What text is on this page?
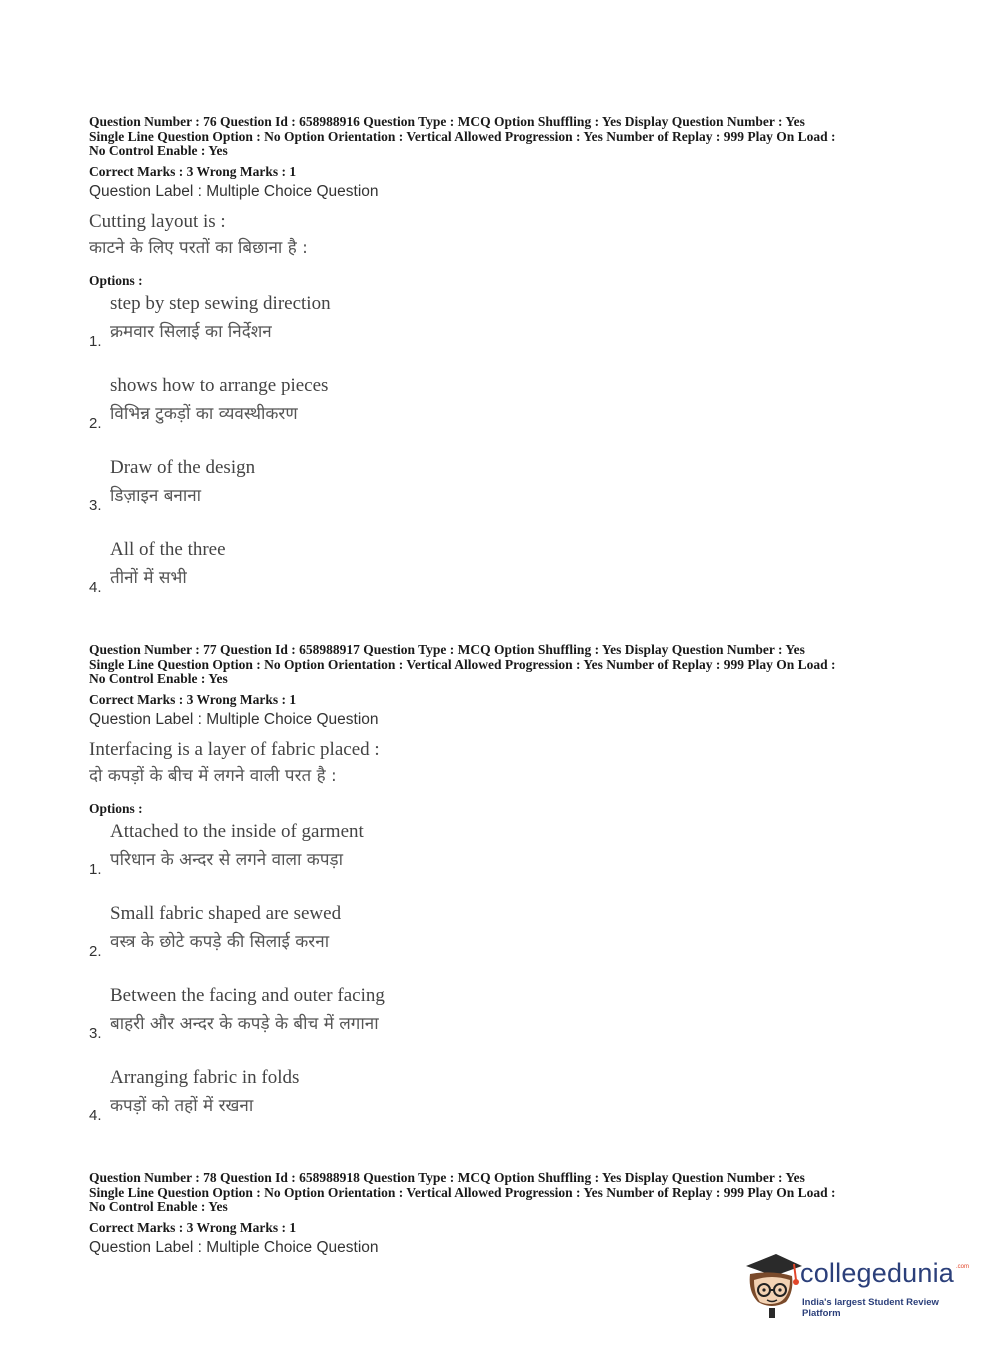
Question Number : 76 Question Id : 658988916 Question Type : MCQ Option Shuffling : Yes Display Question Number : Yes

Single Line Question Option : No Option Orientation : Vertical Allowed Progression : Yes Number of Replay : 999 Play On Load :

No Control Enable : Yes

Correct Marks : 3 Wrong Marks : 1
Question Label : Multiple Choice Question
Cutting layout is :
काटने के लिए परतों का बिछाना है :
Options :
1.
step by step sewing direction
क्रमवार सिलाई का निर्देशन
2.
shows how to arrange pieces
विभिन्न टुकड़ों का व्यवस्थीकरण
3.
Draw of the design
डिज़ाइन बनाना
4.
All of the three
तीनों में सभी

Question Number : 77 Question Id : 658988917 Question Type : MCQ Option Shuffling : Yes Display Question Number : Yes

Single Line Question Option : No Option Orientation : Vertical Allowed Progression : Yes Number of Replay : 999 Play On Load :

No Control Enable : Yes

Correct Marks : 3 Wrong Marks : 1
Question Label : Multiple Choice Question
Interfacing is a layer of fabric placed :
दो कपड़ों के बीच में लगने वाली परत है :
Options :
1.
Attached to the inside of garment
परिधान के अन्दर से लगने वाला कपड़ा
2.
Small fabric shaped are sewed
वस्त्र के छोटे कपड़े की सिलाई करना
3.
Between the facing and outer facing
बाहरी और अन्दर के कपड़े के बीच में लगाना
4.
Arranging fabric in folds
कपड़ों को तहों में रखना

Question Number : 78 Question Id : 658988918 Question Type : MCQ Option Shuffling : Yes Display Question Number : Yes

Single Line Question Option : No Option Orientation : Vertical Allowed Progression : Yes Number of Replay : 999 Play On Load :

No Control Enable : Yes

Correct Marks : 3 Wrong Marks : 1
Question Label : Multiple Choice Question
collegedunia .com
India's largest Student Review Platform
